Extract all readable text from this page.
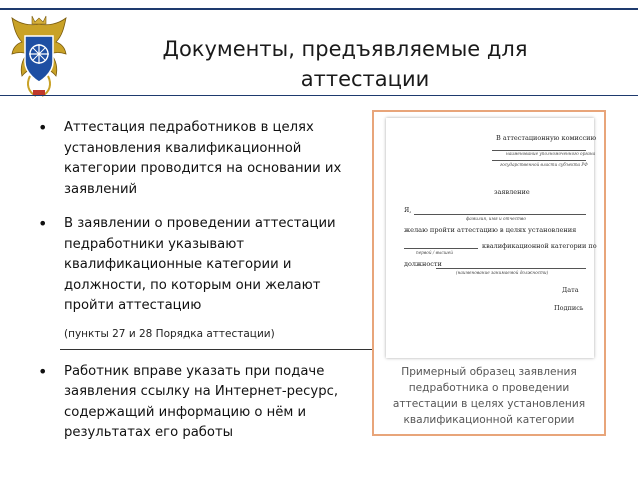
Документы, предъявляемые для
аттестации
• Аттестация педработников в целях установления квалификационной категории проводится на основании их заявлений
• В заявлении о проведении аттестации педработники указывают квалификационные категории и должности, по которым они желают пройти аттестацию
(пункты 27 и 28 Порядка аттестации)
• Работник вправе указать при подаче заявления ссылку на Интернет-ресурс, содержащий информацию о нём и результатах его работы
В аттестационную комиссию
наименование уполномоченного органа
государственной власти субъекта РФ
заявление
Я,
фамилия, имя и отчество
желаю пройти аттестацию в целях установления
квалификационной категории по
первой / высшей
должности
(наименование занимаемой должности)
Дата
Подпись
Примерный образец заявления педработника о проведении аттестации в целях установления квалификационной категории
